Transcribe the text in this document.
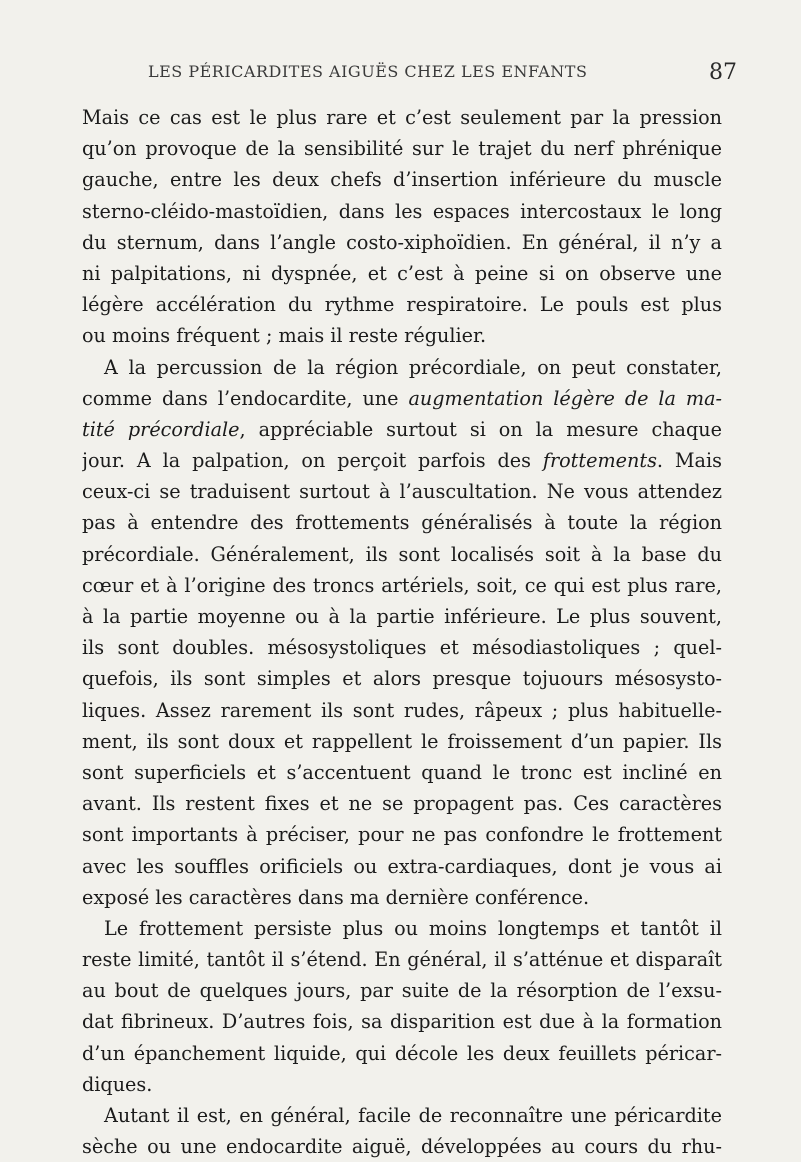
LES PÉRICARDITES AIGUËS CHEZ LES ENFANTS	87
Mais ce cas est le plus rare et c’est seulement par la pression
qu’on provoque de la sensibilité sur le trajet du nerf phrénique
gauche, entre les deux chefs d’insertion inférieure du muscle
sterno-cléido-mastoïdien, dans les espaces intercostaux le long
du sternum, dans l’angle costo-xiphoïdien. En général, il n’y a
ni palpitations, ni dyspnée, et c’est à peine si on observe une
légère accélération du rythme respiratoire. Le pouls est plus
ou moins fréquent ; mais il reste régulier.
A la percussion de la région précordiale, on peut constater,
comme dans l’endocardite, une augmentation légère de la ma-
tité précordiale, appréciable surtout si on la mesure chaque
jour. A la palpation, on perçoit parfois des frottements. Mais
ceux-ci se traduisent surtout à l’auscultation. Ne vous attendez
pas à entendre des frottements généralisés à toute la région
précordiale. Généralement, ils sont localisés soit à la base du
cœur et à l’origine des troncs artériels, soit, ce qui est plus rare,
à la partie moyenne ou à la partie inférieure. Le plus souvent,
ils sont doubles. mésosystoliques et mésodiastoliques ; quel-
quefois, ils sont simples et alors presque tojuours mésosysto-
liques. Assez rarement ils sont rudes, râpeux ; plus habituelle-
ment, ils sont doux et rappellent le froissement d’un papier. Ils
sont superficiels et s’accentuent quand le tronc est incliné en
avant. Ils restent fixes et ne se propagent pas. Ces caractères
sont importants à préciser, pour ne pas confondre le frottement
avec les souffles orificiels ou extra-cardiaques, dont je vous ai
exposé les caractères dans ma dernière conférence.
Le frottement persiste plus ou moins longtemps et tantôt il
reste limité, tantôt il s’étend. En général, il s’atténue et disparaît
au bout de quelques jours, par suite de la résorption de l’exsu-
dat fibrineux. D’autres fois, sa disparition est due à la formation
d’un épanchement liquide, qui décole les deux feuillets péricar-
diques.
Autant il est, en général, facile de reconnaître une péricardite
sèche ou une endocardite aiguë, développées au cours du rhu-
